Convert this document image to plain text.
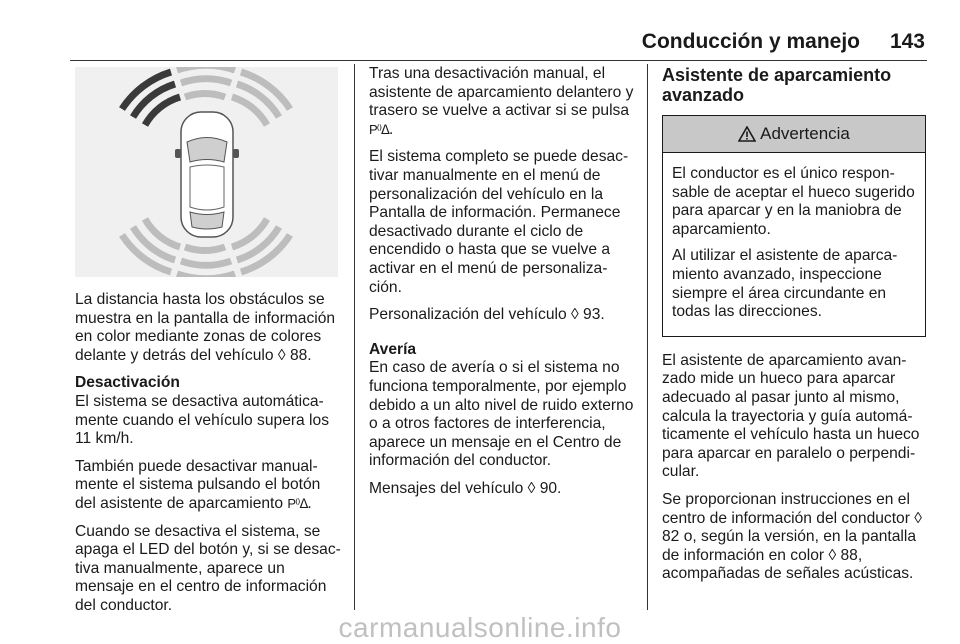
Conducción y manejo	143

La distancia hasta los obstáculos se muestra en la pantalla de información en color mediante zonas de colores delante y detrás del vehículo ◊ 88.

Desactivación

El sistema se desactiva automáticamente cuando el vehículo supera los 11 km/h.

También puede desactivar manualmente el sistema pulsando el botón del asistente de aparcamiento P⁽⁾ᐃ.

Cuando se desactiva el sistema, se apaga el LED del botón y, si se desactiva manualmente, aparece un mensaje en el centro de información del conductor.

Tras una desactivación manual, el asistente de aparcamiento delantero y trasero se vuelve a activar si se pulsa P⁽⁾ᐃ.

El sistema completo se puede desactivar manualmente en el menú de personalización del vehículo en la Pantalla de información. Permanece desactivado durante el ciclo de encendido o hasta que se vuelve a activar en el menú de personalización.

Personalización del vehículo ◊ 93.

Avería

En caso de avería o si el sistema no funciona temporalmente, por ejemplo debido a un alto nivel de ruido externo o a otros factores de interferencia, aparece un mensaje en el Centro de información del conductor.

Mensajes del vehículo ◊ 90.

Asistente de aparcamiento avanzado
Advertencia

El conductor es el único responsable de aceptar el hueco sugerido para aparcar y en la maniobra de aparcamiento.

Al utilizar el asistente de aparcamiento avanzado, inspeccione siempre el área circundante en todas las direcciones.

El asistente de aparcamiento avanzado mide un hueco para aparcar adecuado al pasar junto al mismo, calcula la trayectoria y guía automáticamente el vehículo hasta un hueco para aparcar en paralelo o perpendicular.

Se proporcionan instrucciones en el centro de información del conductor ◊ 82 o, según la versión, en la pantalla de información en color ◊ 88, acompañadas de señales acústicas.

carmanualsonline.info
